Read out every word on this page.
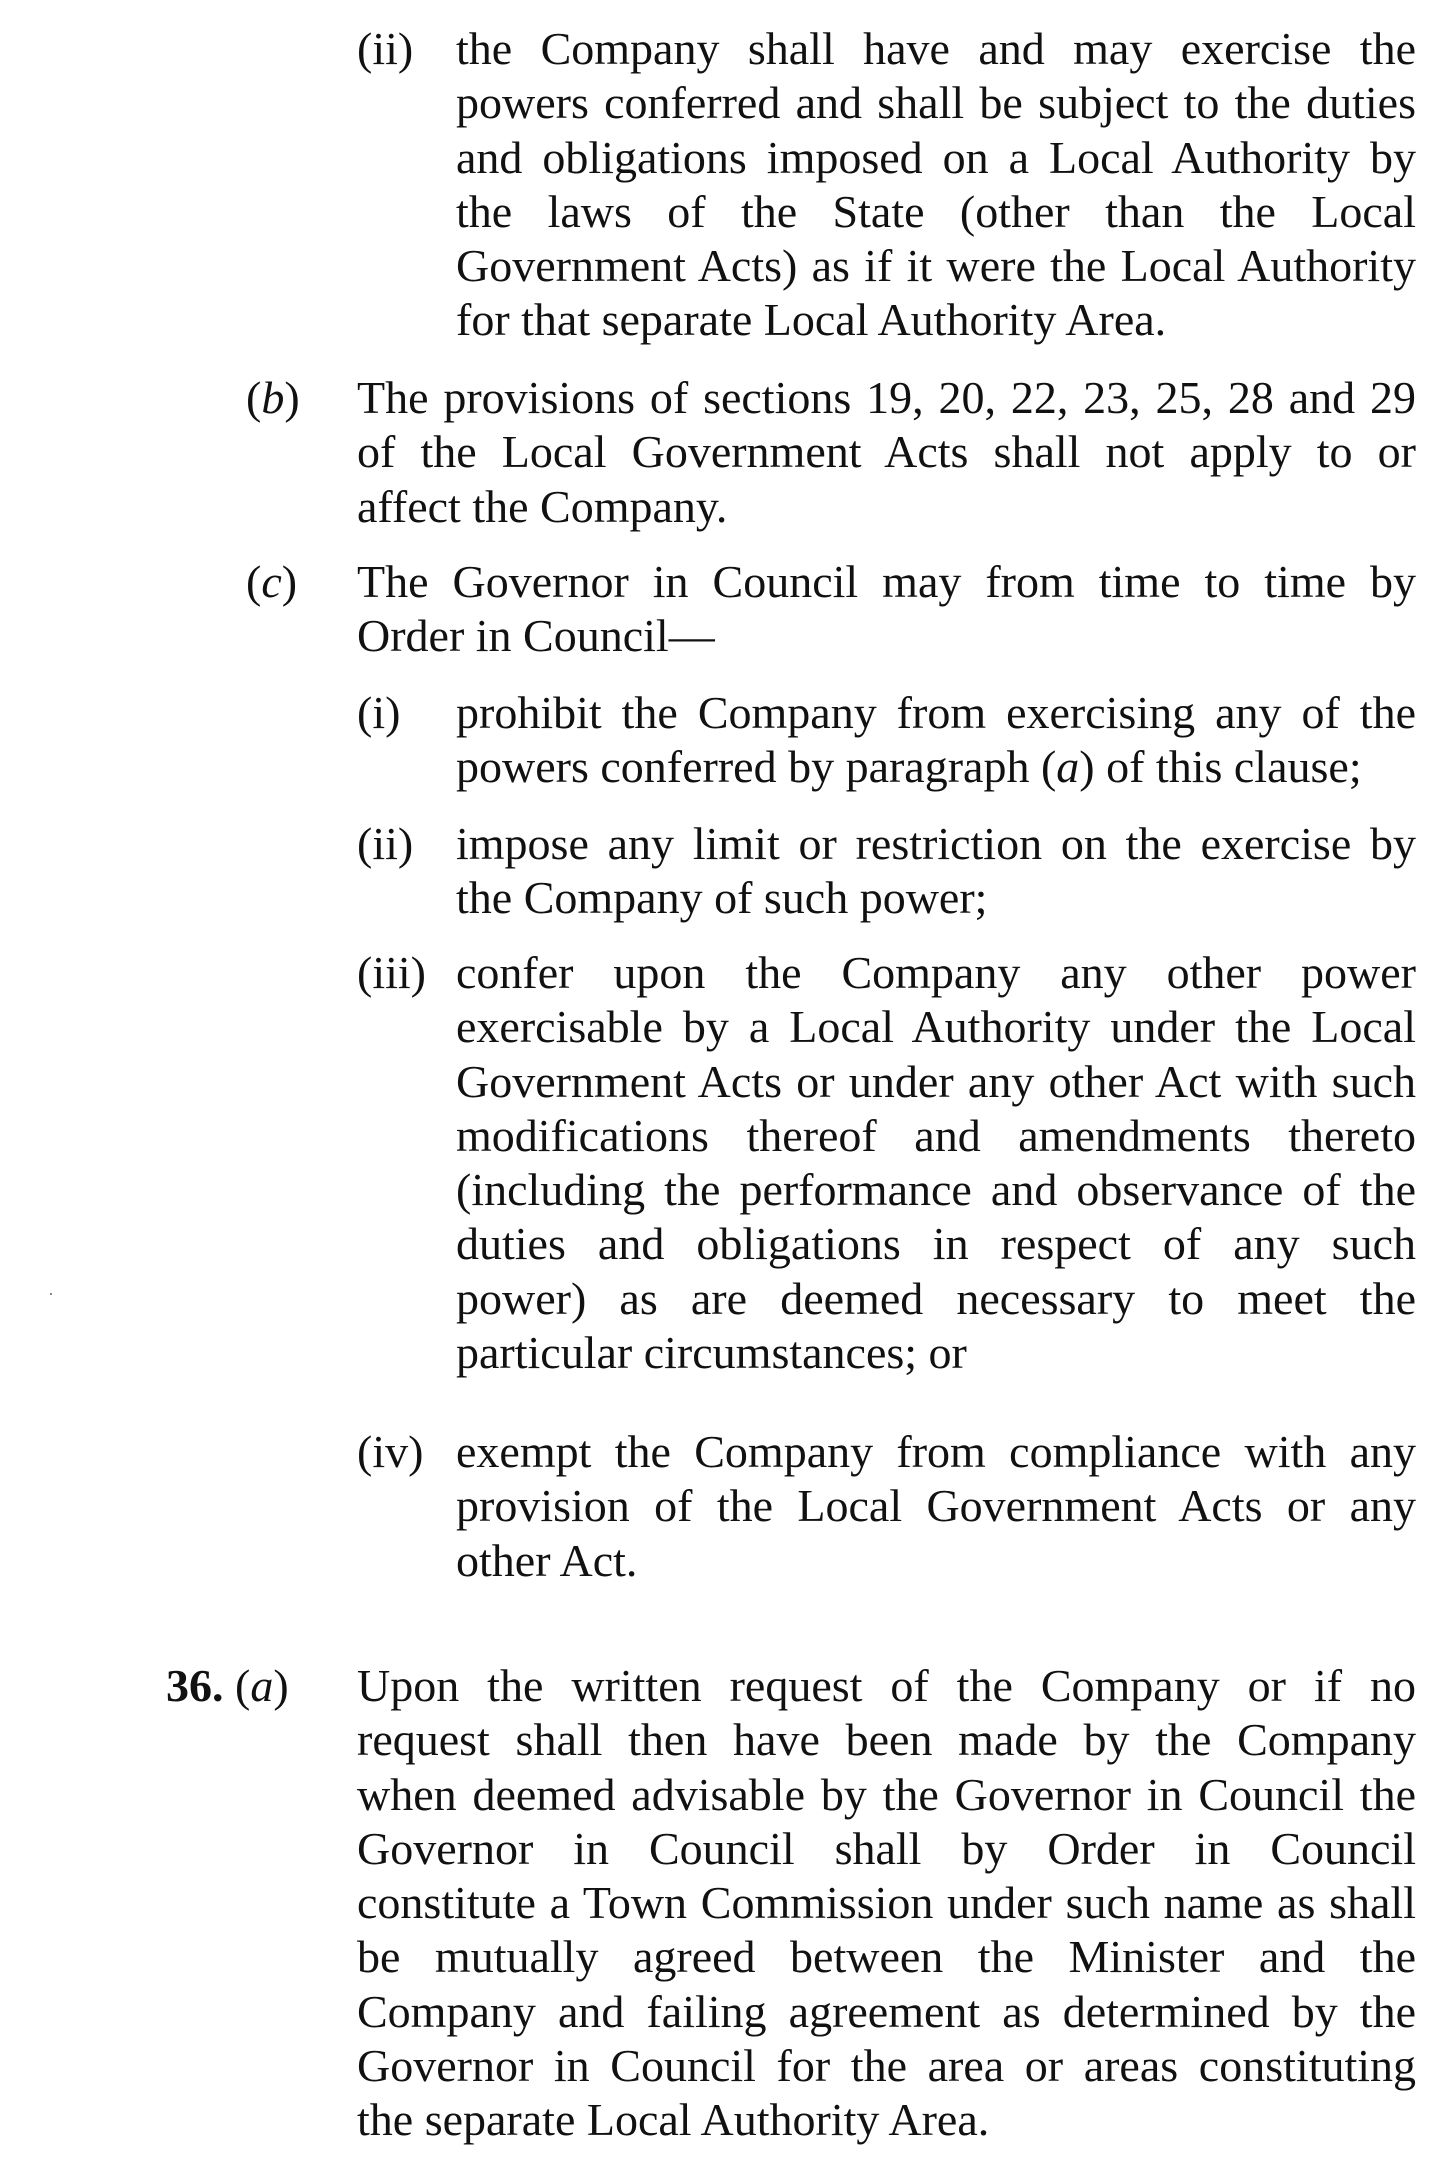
(ii) the Company shall have and may exercise the
powers conferred and shall be subject to the duties
and obligations imposed on a Local Authority by
the laws of the State (other than the Local
Government Acts) as if it were the Local Authority
for that separate Local Authority Area.
(b) The provisions of sections 19, 20, 22, 23, 25, 28 and 29
of the Local Government Acts shall not apply to or
affect the Company.
(c) The Governor in Council may from time to time by
Order in Council—
(i) prohibit the Company from exercising any of the
powers conferred by paragraph (a) of this clause;
(ii) impose any limit or restriction on the exercise by
the Company of such power;
(iii) confer upon the Company any other power
exercisable by a Local Authority under the Local
Government Acts or under any other Act with such
modifications thereof and amendments thereto
(including the performance and observance of the
duties and obligations in respect of any such
power) as are deemed necessary to meet the
particular circumstances; or
(iv) exempt the Company from compliance with any
provision of the Local Government Acts or any
other Act.
36. (a) Upon the written request of the Company or if no
request shall then have been made by the Company
when deemed advisable by the Governor in Council the
Governor in Council shall by Order in Council
constitute a Town Commission under such name as shall
be mutually agreed between the Minister and the
Company and failing agreement as determined by the
Governor in Council for the area or areas constituting
the separate Local Authority Area.
